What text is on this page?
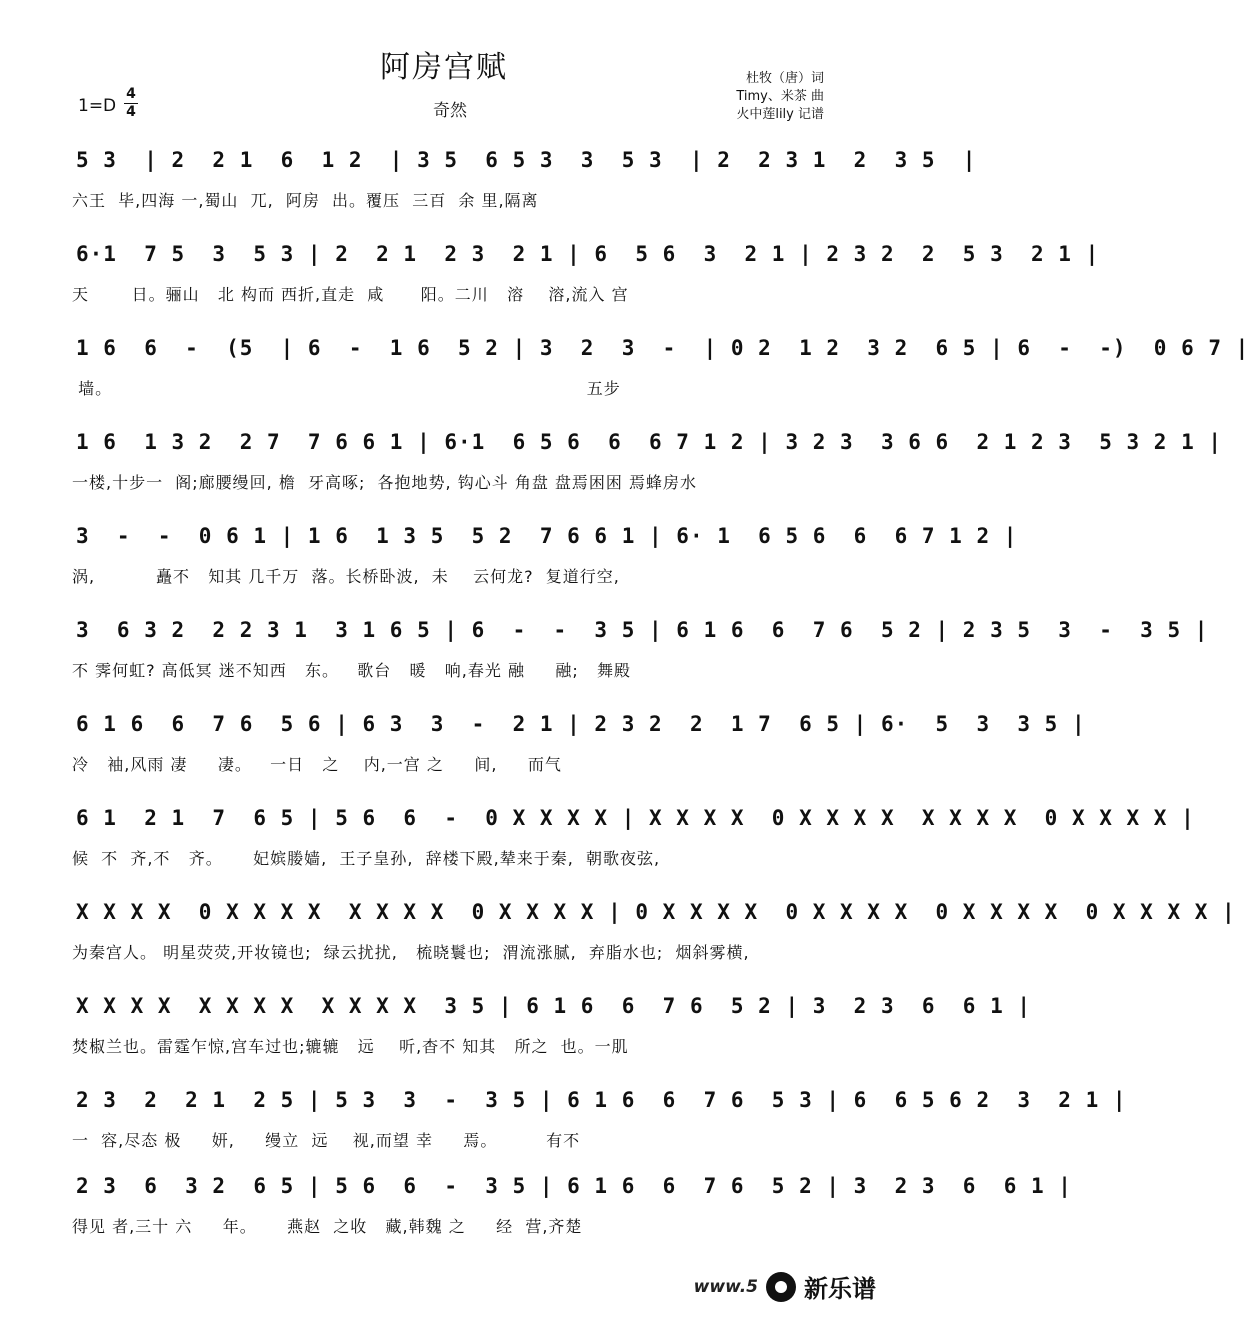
阿房宫赋
1=D
4
4	奇然
杜牧（唐）词
Timy、米茶 曲
火中莲lily 记谱
5 3  | 2  2 1  6  1 2  | 3 5  6 5 3  3  5 3  | 2  2 3 1  2  3 5  |
六王  毕,四海 一,蜀山  兀,  阿房  出。覆压  三百  余 里,隔离
6·1  7 5  3  5 3 | 2  2 1  2 3  2 1 | 6  5 6  3  2 1 | 2 3 2  2  5 3  2 1 |
天       日。骊山   北 构而 西折,直走  咸      阳。二川   溶    溶,流入 宫
1 6  6  -  (5  | 6  -  1 6  5 2 | 3  2  3  -  | 0 2  1 2  3 2  6 5 | 6  -  -)  0 6 7 |
墙。                                                                              五步
1 6  1 3 2  2 7  7 6 6 1 | 6·1  6 5 6  6  6 7 1 2 | 3 2 3  3 6 6  2 1 2 3  5 3 2 1 |
一楼,十步一  阁;廊腰缦回, 檐  牙高啄;  各抱地势, 钩心斗 角盘 盘焉困困 焉蜂房水
3  -  -  0 6 1 | 1 6  1 3 5  5 2  7 6 6 1 | 6· 1  6 5 6  6  6 7 1 2 |
涡,          矗不   知其 几千万  落。长桥卧波,  未    云何龙?  复道行空,
3  6 3 2  2 2 3 1  3 1 6 5 | 6  -  -  3 5 | 6 1 6  6  7 6  5 2 | 2 3 5  3  -  3 5 |
不 霁何虹? 高低冥 迷不知西   东。   歌台   暖   响,春光 融     融;   舞殿
6 1 6  6  7 6  5 6 | 6 3  3  -  2 1 | 2 3 2  2  1 7  6 5 | 6·  5  3  3 5 |
冷   袖,风雨 凄     凄。   一日   之    内,一宫 之     间,     而气
6 1  2 1  7  6 5 | 5 6  6  -  0 X X X X | X X X X  0 X X X X  X X X X  0 X X X X |
候  不  齐,不   齐。     妃嫔媵嫱,  王子皇孙,  辞楼下殿,辇来于秦,  朝歌夜弦,
X X X X  0 X X X X  X X X X  0 X X X X | 0 X X X X  0 X X X X  0 X X X X  0 X X X X |
为秦宫人。 明星荧荧,开妆镜也;  绿云扰扰,   梳晓鬟也;  渭流涨腻,  弃脂水也;  烟斜雾横,
X X X X  X X X X  X X X X  3 5 | 6 1 6  6  7 6  5 2 | 3  2 3  6  6 1 |
焚椒兰也。雷霆乍惊,宫车过也;辘辘   远    听,杳不 知其   所之  也。一肌
2 3  2  2 1  2 5 | 5 3  3  -  3 5 | 6 1 6  6  7 6  5 3 | 6  6 5 6 2  3  2 1 |
一  容,尽态 极     妍,     缦立  远    视,而望 幸     焉。        有不
2 3  6  3 2  6 5 | 5 6  6  -  3 5 | 6 1 6  6  7 6  5 2 | 3  2 3  6  6 1 |
得见 者,三十 六     年。     燕赵  之收   藏,韩魏 之     经  营,齐楚
www.5 新乐谱
